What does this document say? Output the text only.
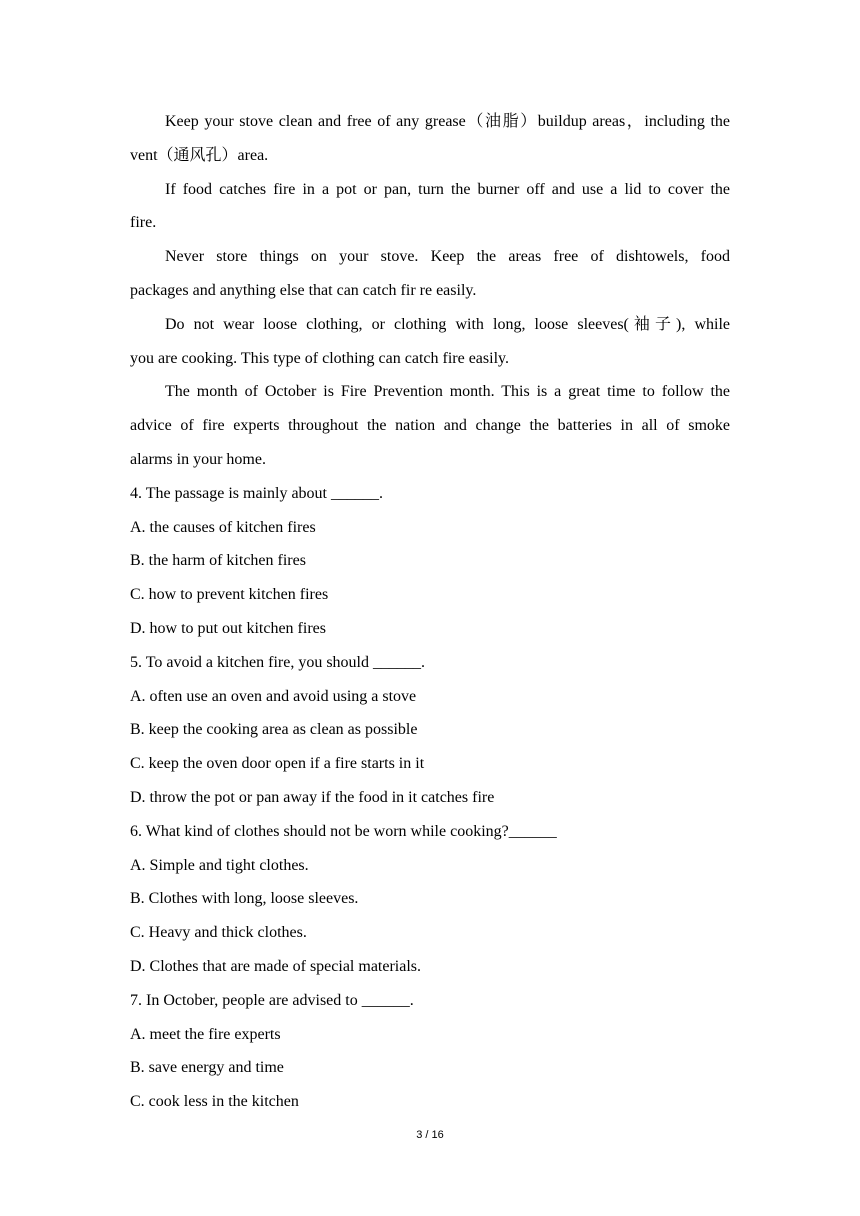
Keep your stove clean and free of any grease（油脂）buildup areas，including the
vent（通风孔）area.
If food catches fire in a pot or pan, turn the burner off and use a lid to cover the
fire.
Never store things on your stove. Keep the areas free of dishtowels, food
packages and anything else that can catch fir re easily.
Do not wear loose clothing, or clothing with long, loose sleeves(袖子), while
you are cooking. This type of clothing can catch fire easily.
The month of October is Fire Prevention month. This is a great time to follow the
advice of fire experts throughout the nation and change the batteries in all of smoke
alarms in your home.

4. The passage is mainly about ______.

A. the causes of kitchen fires

B. the harm of kitchen fires

C. how to prevent kitchen fires

D. how to put out kitchen fires

5. To avoid a kitchen fire, you should ______.

A. often use an oven and avoid using a stove

B. keep the cooking area as clean as possible

C. keep the oven door open if a fire starts in it

D. throw the pot or pan away if the food in it catches fire

6. What kind of clothes should not be worn while cooking?______

A. Simple and tight clothes.

B. Clothes with long, loose sleeves.

C. Heavy and thick clothes.

D. Clothes that are made of special materials.

7. In October, people are advised to ______.

A. meet the fire experts

B. save energy and time

C. cook less in the kitchen

3 / 16
